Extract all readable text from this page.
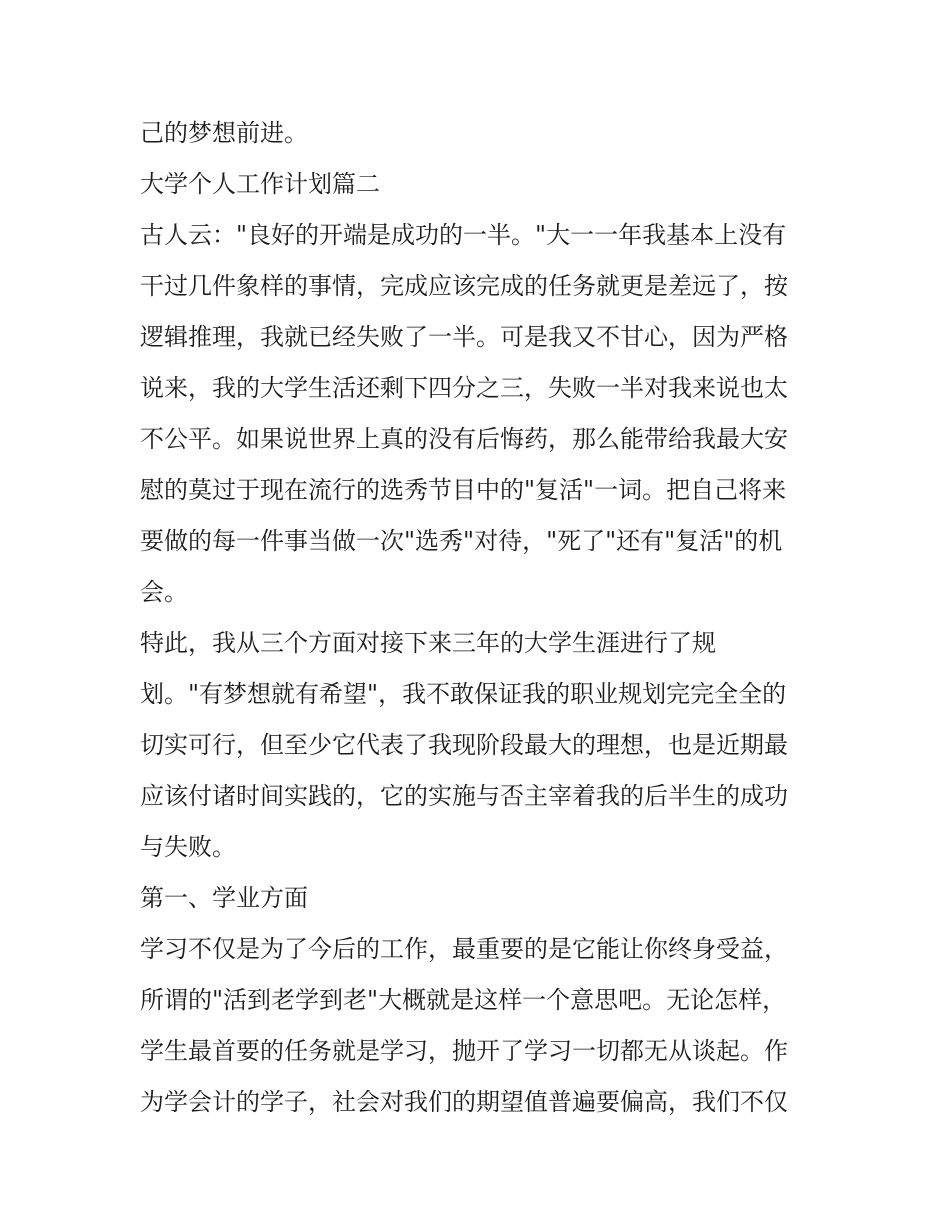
己的梦想前进。
大学个人工作计划篇二
古人云："良好的开端是成功的一半。"大一一年我基本上没有
干过几件象样的事情，完成应该完成的任务就更是差远了，按
逻辑推理，我就已经失败了一半。可是我又不甘心，因为严格
说来，我的大学生活还剩下四分之三，失败一半对我来说也太
不公平。如果说世界上真的没有后悔药，那么能带给我最大安
慰的莫过于现在流行的选秀节目中的"复活"一词。把自己将来
要做的每一件事当做一次"选秀"对待，"死了"还有"复活"的机
会。
特此，我从三个方面对接下来三年的大学生涯进行了规
划。"有梦想就有希望"，我不敢保证我的职业规划完完全全的
切实可行，但至少它代表了我现阶段最大的理想，也是近期最
应该付诸时间实践的，它的实施与否主宰着我的后半生的成功
与失败。
第一、学业方面
学习不仅是为了今后的工作，最重要的是它能让你终身受益，
所谓的"活到老学到老"大概就是这样一个意思吧。无论怎样，
学生最首要的任务就是学习，抛开了学习一切都无从谈起。作
为学会计的学子，社会对我们的期望值普遍要偏高，我们不仅
